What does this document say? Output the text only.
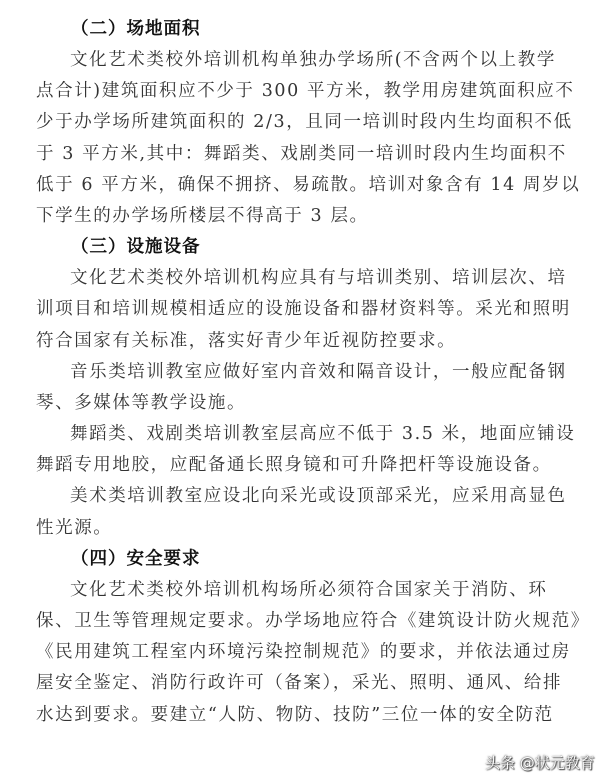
（二）场地面积
文化艺术类校外培训机构单独办学场所(不含两个以上教学
点合计)建筑面积应不少于 300 平方米，教学用房建筑面积应不
少于办学场所建筑面积的 2/3，且同一培训时段内生均面积不低
于 3 平方米,其中：舞蹈类、戏剧类同一培训时段内生均面积不
低于 6 平方米，确保不拥挤、易疏散。培训对象含有 14 周岁以
下学生的办学场所楼层不得高于 3 层。
（三）设施设备
文化艺术类校外培训机构应具有与培训类别、培训层次、培
训项目和培训规模相适应的设施设备和器材资料等。采光和照明
符合国家有关标准，落实好青少年近视防控要求。
音乐类培训教室应做好室内音效和隔音设计，一般应配备钢
琴、多媒体等教学设施。
舞蹈类、戏剧类培训教室层高应不低于 3.5 米，地面应铺设
舞蹈专用地胶，应配备通长照身镜和可升降把杆等设施设备。
美术类培训教室应设北向采光或设顶部采光，应采用高显色
性光源。
（四）安全要求
文化艺术类校外培训机构场所必须符合国家关于消防、环
保、卫生等管理规定要求。办学场地应符合《建筑设计防火规范》
《民用建筑工程室内环境污染控制规范》的要求，并依法通过房
屋安全鉴定、消防行政许可（备案），采光、照明、通风、给排
水达到要求。要建立“人防、物防、技防”三位一体的安全防范
头条 @状元教育
